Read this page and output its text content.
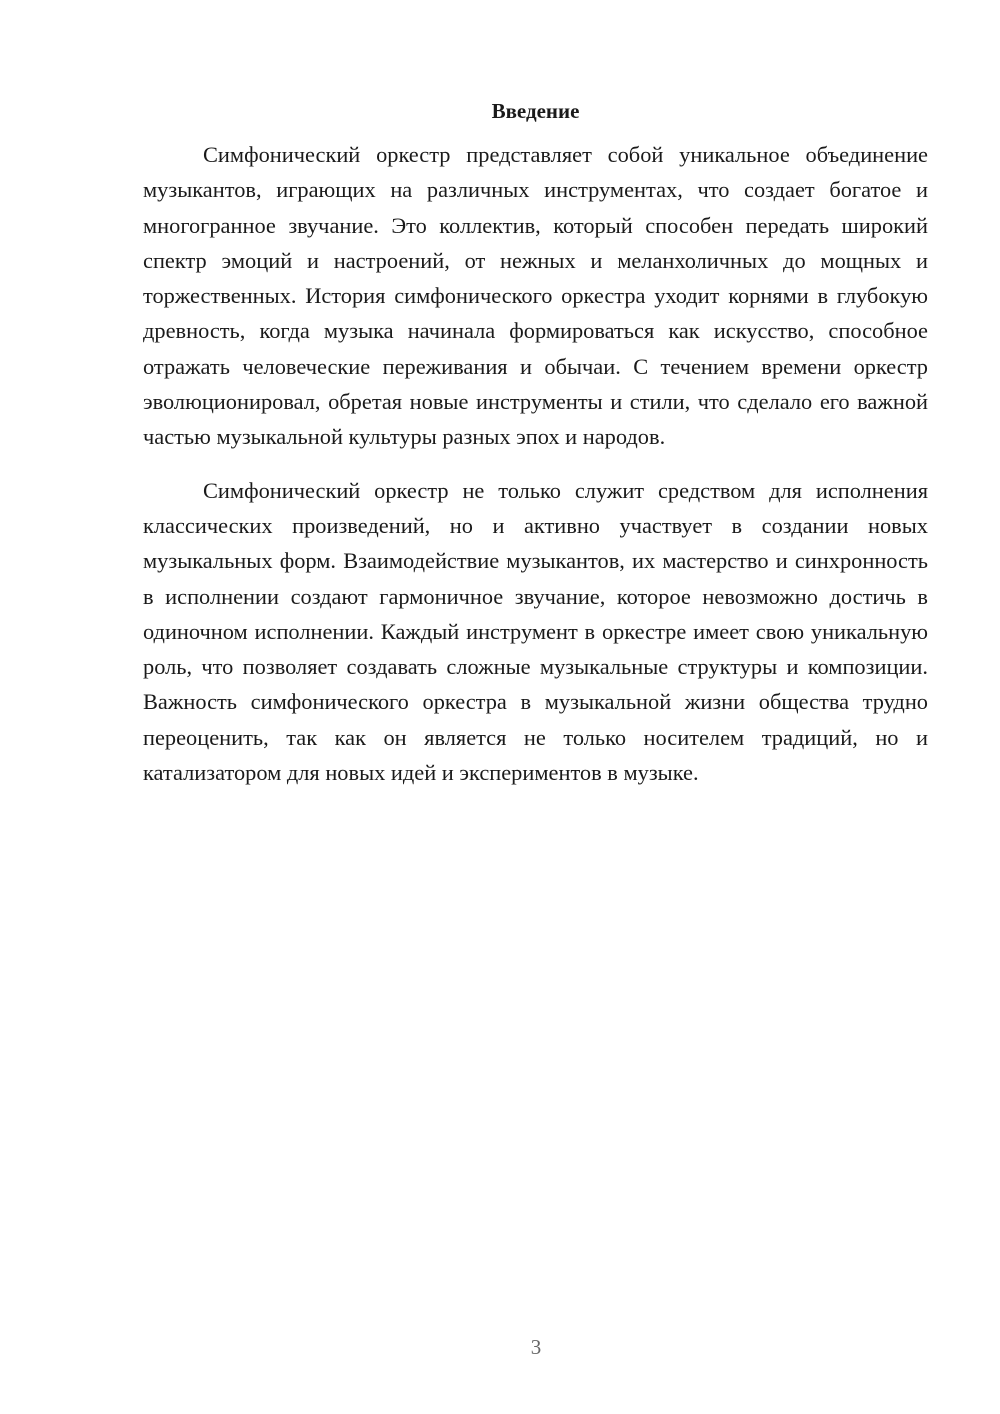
Введение

Симфонический оркестр представляет собой уникальное объединение музыкантов, играющих на различных инструментах, что создает богатое и многогранное звучание. Это коллектив, который способен передать широкий спектр эмоций и настроений, от нежных и меланхоличных до мощных и торжественных. История симфонического оркестра уходит корнями в глубокую древность, когда музыка начинала формироваться как искусство, способное отражать человеческие переживания и обычаи. С течением времени оркестр эволюционировал, обретая новые инструменты и стили, что сделало его важной частью музыкальной культуры разных эпох и народов.

Симфонический оркестр не только служит средством для исполнения классических произведений, но и активно участвует в создании новых музыкальных форм. Взаимодействие музыкантов, их мастерство и синхронность в исполнении создают гармоничное звучание, которое невозможно достичь в одиночном исполнении. Каждый инструмент в оркестре имеет свою уникальную роль, что позволяет создавать сложные музыкальные структуры и композиции. Важность симфонического оркестра в музыкальной жизни общества трудно переоценить, так как он является не только носителем традиций, но и катализатором для новых идей и экспериментов в музыке.

3
